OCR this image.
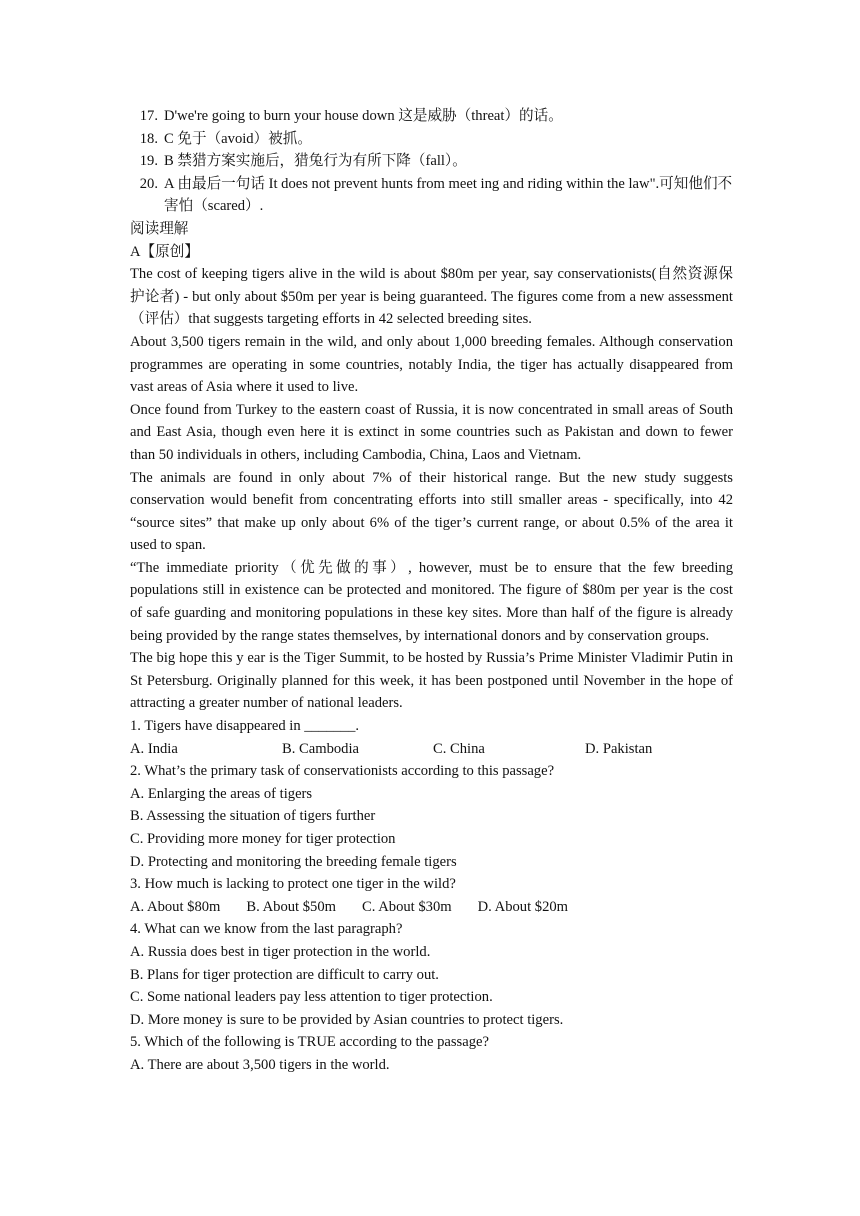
17. D'we're going to burn your house down 这是威胁（threat）的话。
18. C 免于（avoid）被抓。
19. B 禁猎方案实施后，猎兔行为有所下降（fall）。
20. A 由最后一句话 It does not prevent hunts from meet ing and riding within the law".可知他们不害怕（scared）.
阅读理解
A【原创】
The cost of keeping tigers alive in the wild is about $80m per year, say conservationists(自然资源保护论者) - but only about $50m per year is being guaranteed. The figures come from a new assessment（评估）that suggests targeting efforts in 42 selected breeding sites.
About 3,500 tigers remain in the wild, and only about 1,000 breeding females. Although conservation programmes are operating in some countries, notably India, the tiger has actually disappeared from vast areas of Asia where it used to live.
Once found from Turkey to the eastern coast of Russia, it is now concentrated in small areas of South and East Asia, though even here it is extinct in some countries such as Pakistan and down to fewer than 50 individuals in others, including Cambodia, China, Laos and Vietnam.
The animals are found in only about 7% of their historical range. But the new study suggests conservation would benefit from concentrating efforts into still smaller areas - specifically, into 42 “source sites” that make up only about 6% of the tiger’s current range, or about 0.5% of the area it used to span.
“The immediate priority（优先做的事）, however, must be to ensure that the few breeding populations still in existence can be protected and monitored. The figure of $80m per year is the cost of safe guarding and monitoring populations in these key sites. More than half of the figure is already being provided by the range states themselves, by international donors and by conservation groups.
The big hope this y ear is the Tiger Summit, to be hosted by Russia’s Prime Minister Vladimir Putin in St Petersburg. Originally planned for this week, it has been postponed until November in the hope of attracting a greater number of national leaders.
1. Tigers have disappeared in _______.
A. India	B. Cambodia	C. China	D. Pakistan
2. What’s the primary task of conservationists according to this passage?
A. Enlarging the areas of tigers
B. Assessing the situation of tigers further
C. Providing more money for tiger protection
D. Protecting and monitoring the breeding female tigers
3. How much is lacking to protect one tiger in the wild?
A. About $80m B. About $50m C. About $30m D. About $20m
4. What can we know from the last paragraph?
A. Russia does best in tiger protection in the world.
B. Plans for tiger protection are difficult to carry out.
C. Some national leaders pay less attention to tiger protection.
D. More money is sure to be provided by Asian countries to protect tigers.
5. Which of the following is TRUE according to the passage?
A. There are about 3,500 tigers in the world.
